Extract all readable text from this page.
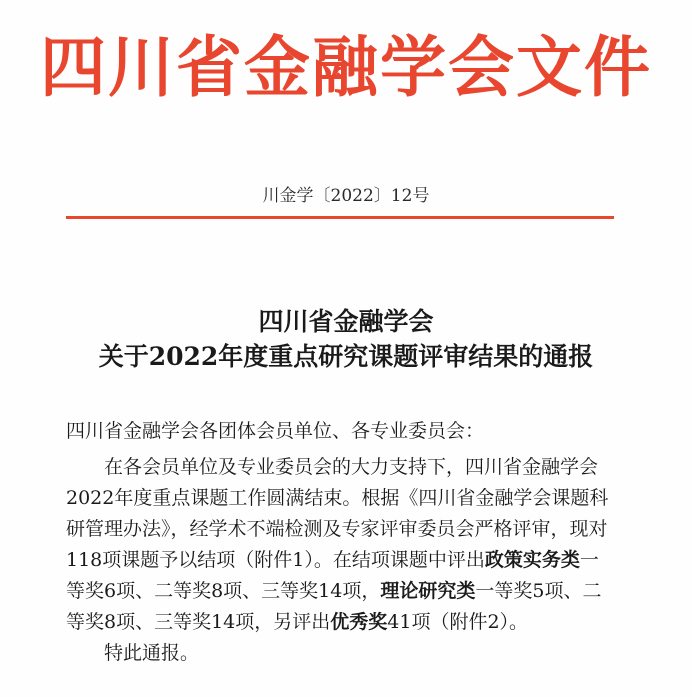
四川省金融学会文件
川金学〔2022〕12号
四川省金融学会
关于2022年度重点研究课题评审结果的通报
四川省金融学会各团体会员单位、各专业委员会：
在各会员单位及专业委员会的大力支持下，四川省金融学会
2022年度重点课题工作圆满结束。根据《四川省金融学会课题科
研管理办法》，经学术不端检测及专家评审委员会严格评审，现对
118项课题予以结项（附件1）。在结项课题中评出政策实务类一
等奖6项、二等奖8项、三等奖14项，理论研究类一等奖5项、二
等奖8项、三等奖14项，另评出优秀奖41项（附件2）。
特此通报。
